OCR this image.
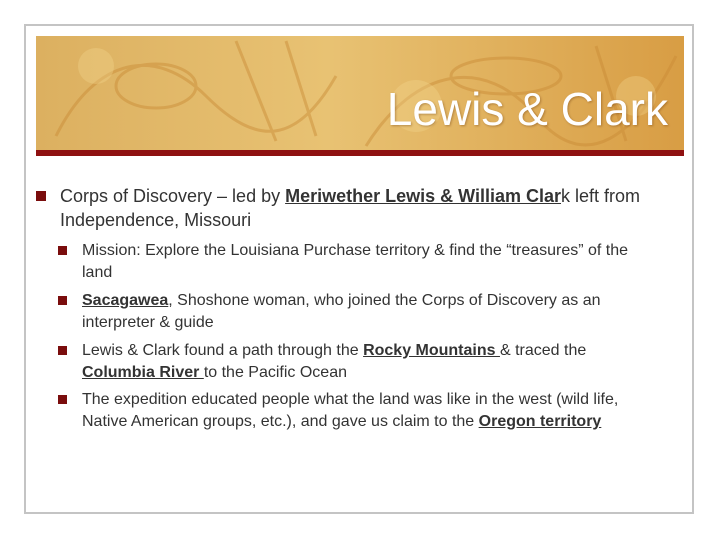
Lewis & Clark
Corps of Discovery – led by Meriwether Lewis & William Clark left from Independence, Missouri
Mission: Explore the Louisiana Purchase territory & find the “treasures” of the land
Sacagawea, Shoshone woman, who joined the Corps of Discovery as an interpreter & guide
Lewis & Clark found a path through the Rocky Mountains & traced the Columbia River to the Pacific Ocean
The expedition educated people what the land was like in the west (wild life, Native American groups, etc.), and gave us claim to the Oregon territory
